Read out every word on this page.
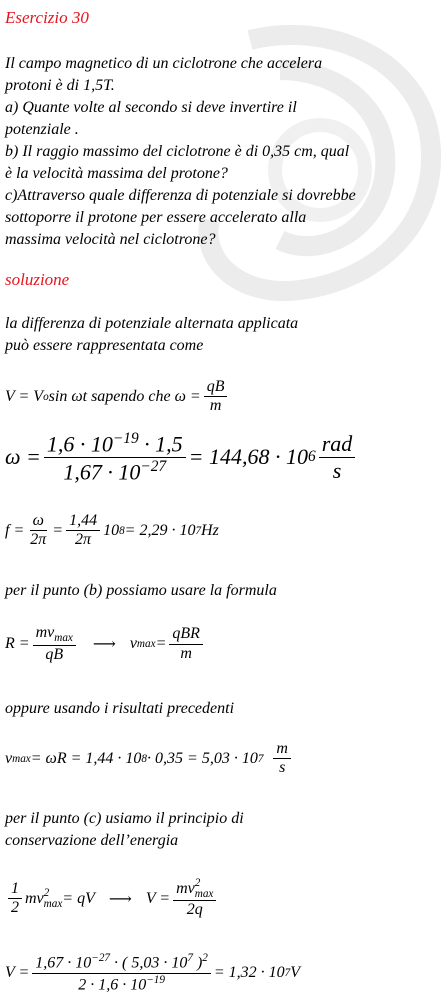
Esercizio 30
Il campo magnetico di un ciclotrone che accelera
protoni è di 1,5T.
a) Quante volte al secondo si deve invertire il
potenziale .
b) Il raggio massimo del ciclotrone è di 0,35 cm, qual
è la velocità massima del protone?
c)Attraverso quale differenza di potenziale si dovrebbe
sottoporre il protone per essere accelerato alla
massima velocità nel ciclotrone?
soluzione
la differenza di potenziale alternata applicata
può essere rappresentata come
V = V o sin ωt sapendo che $\omega = \frac{qB}{m}$
$\omega = \frac{1,6 \cdot 10^{-19} \cdot 1,5}{1,67 \cdot 10^{-27}} = 144,68 \cdot 10$ $6 \frac{\text{rad}}{s}$
$f = \frac{\omega}{2\pi} = \frac{1,44}{2\pi} 10$ 8 = 2,29 · 10 7 Hz
per il punto (b) possiamo usare la formula
$R = \frac{mv_{max}}{qB}$ ⟶ v $\max = \frac{\text{qBR}}{m}$
oppure usando i risultati precedenti
v max = ωR = 1,44 · 10 8 · 0,35 = 5,03 · 10 $7 \frac{m}{s}$
per il punto (c) usiamo il principio di
conservazione dell’energia
$\frac{1}{2}$ mv 2
max = qV ⟶ V = mv 2
max
2q
$V = \frac{1,67 \cdot 10^{-27} \cdot ( 5,03 \cdot 10^7 )^2}{2 \cdot 1,6 \cdot 10^{-19}} = 1,32 \cdot 10$ 7 V
